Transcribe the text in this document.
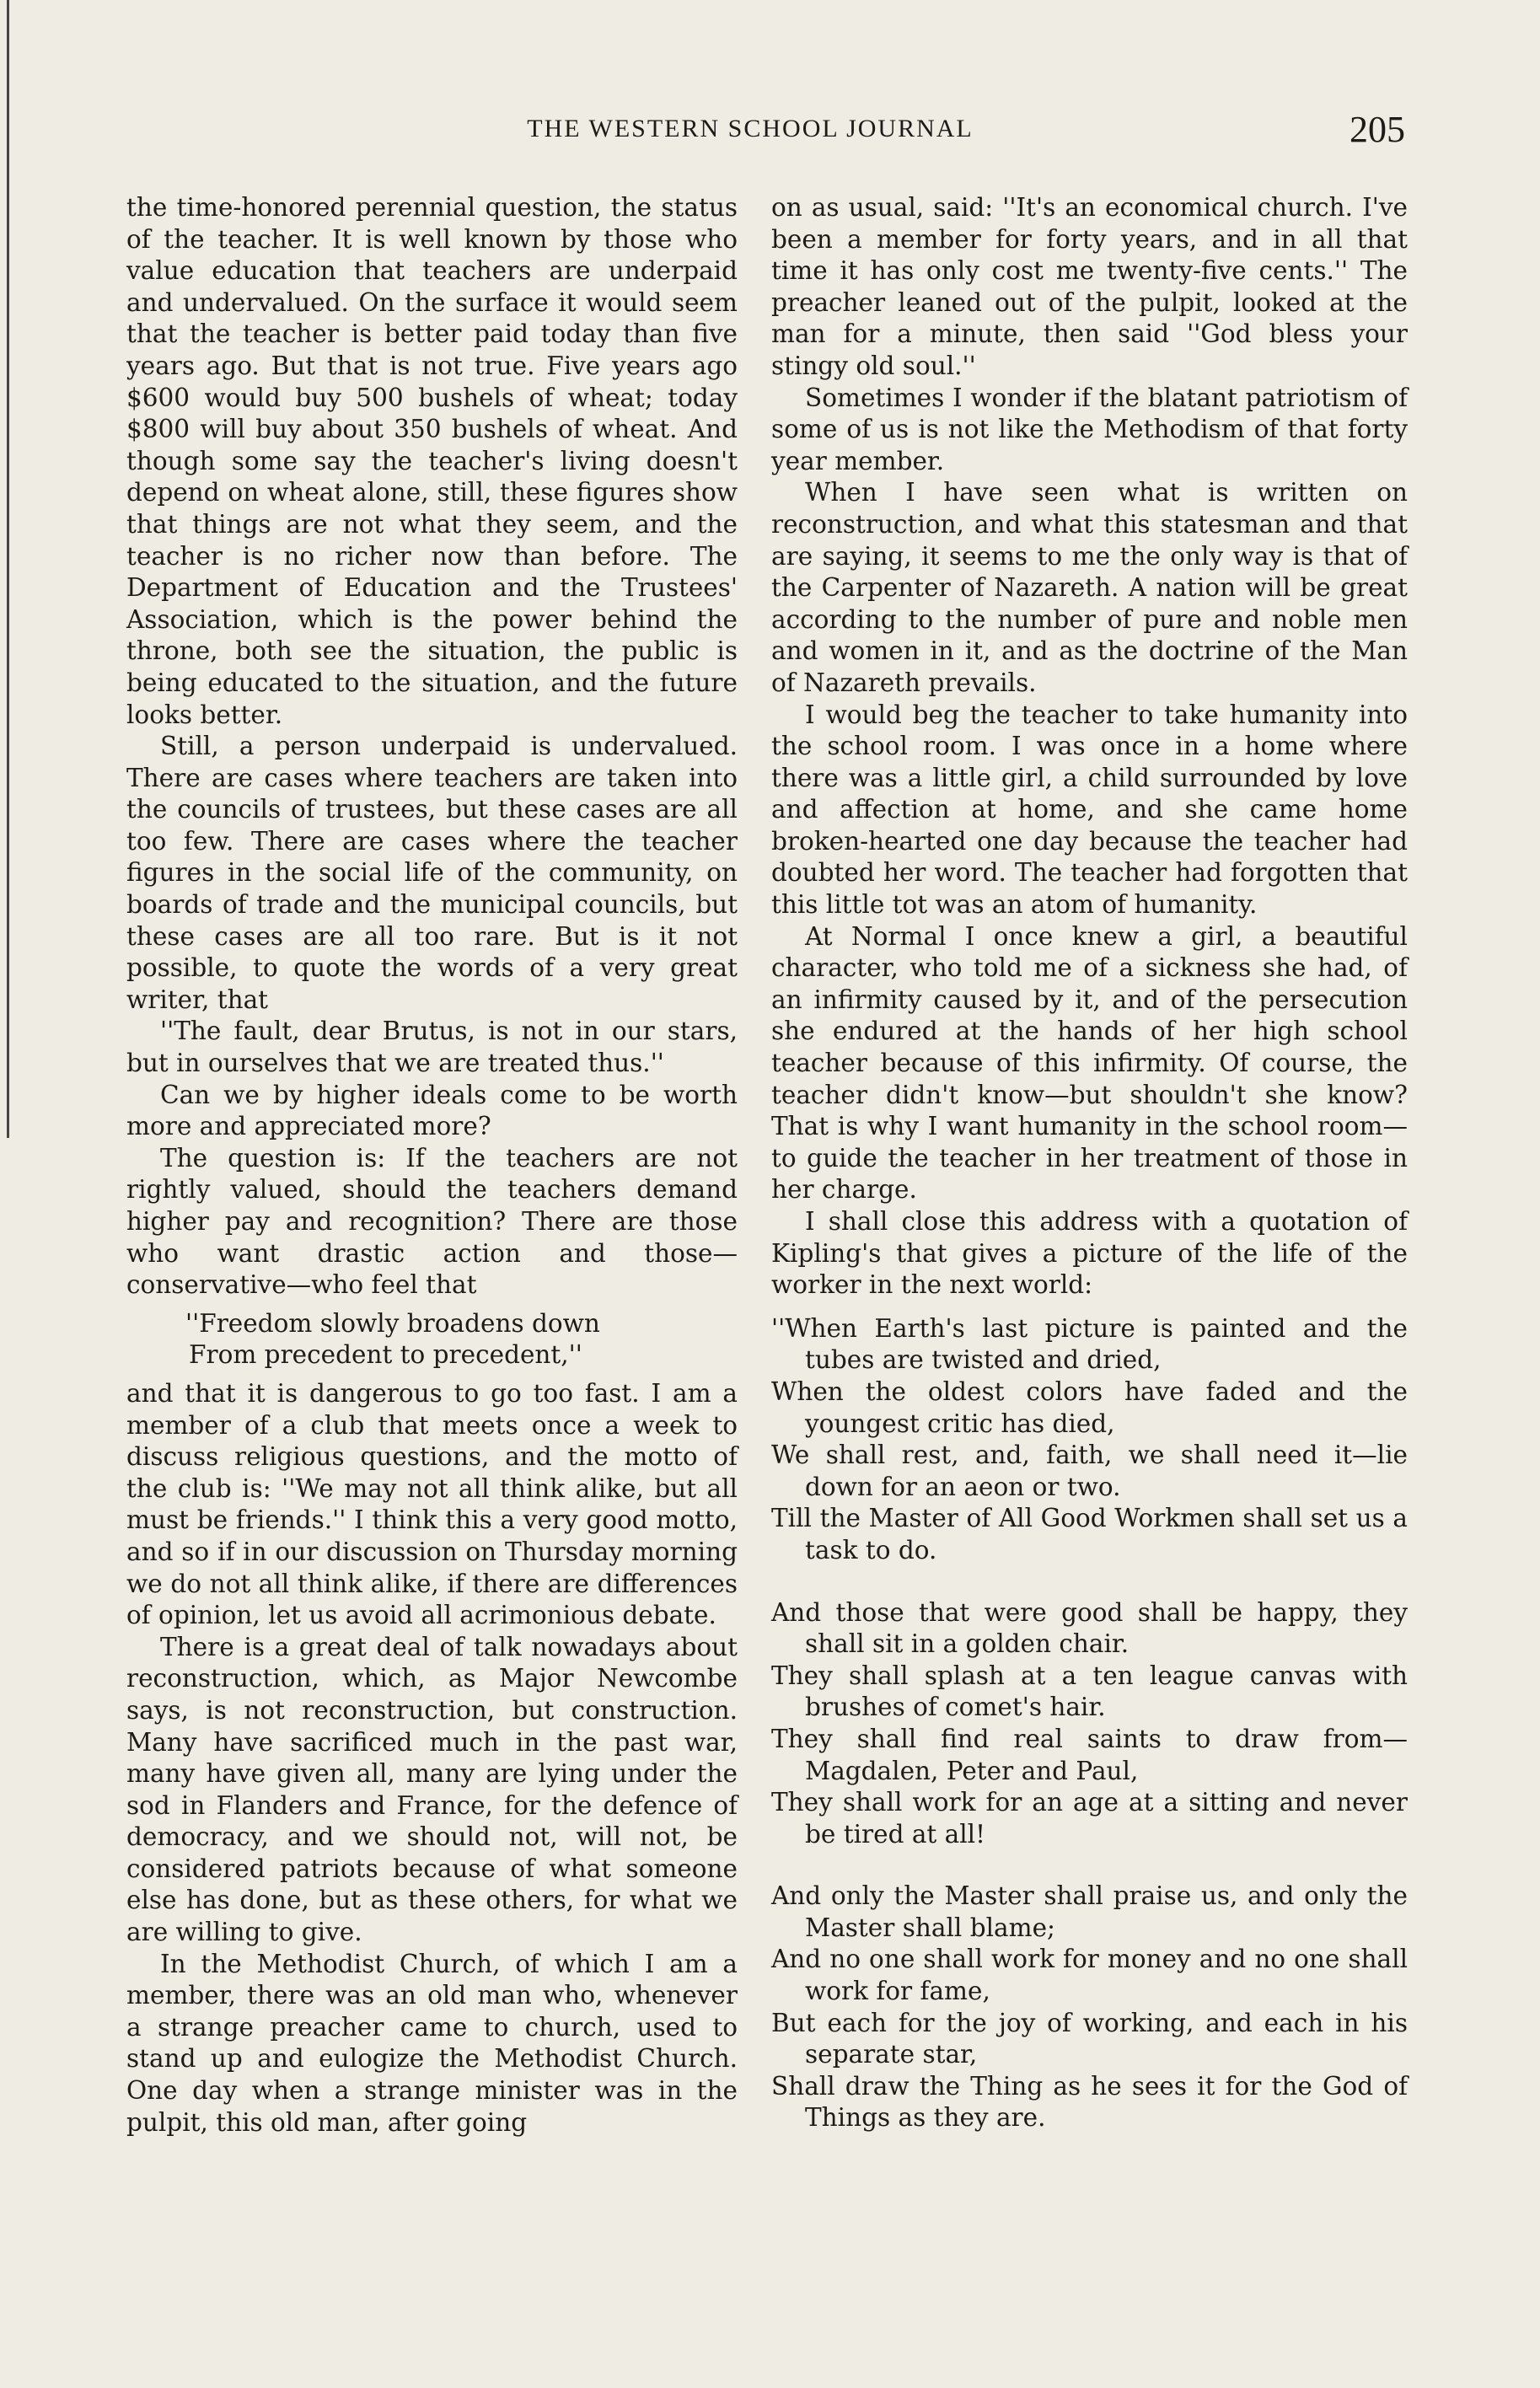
THE WESTERN SCHOOL JOURNAL	205

the time-honored perennial question, the status of the teacher. It is well known by those who value education that teachers are underpaid and undervalued. On the surface it would seem that the teacher is better paid today than five years ago. But that is not true. Five years ago $600 would buy 500 bushels of wheat; today $800 will buy about 350 bushels of wheat. And though some say the teacher's living doesn't depend on wheat alone, still, these figures show that things are not what they seem, and the teacher is no richer now than before. The Department of Education and the Trustees' Association, which is the power behind the throne, both see the situation, the public is being educated to the situation, and the future looks better.

Still, a person underpaid is undervalued. There are cases where teachers are taken into the councils of trustees, but these cases are all too few. There are cases where the teacher figures in the social life of the community, on boards of trade and the municipal councils, but these cases are all too rare. But is it not possible, to quote the words of a very great writer, that

''The fault, dear Brutus, is not in our stars, but in ourselves that we are treated thus.''

Can we by higher ideals come to be worth more and appreciated more?

The question is: If the teachers are not rightly valued, should the teachers demand higher pay and recognition? There are those who want drastic action and those—conservative—who feel that

''Freedom slowly broadens down
From precedent to precedent,''

and that it is dangerous to go too fast. I am a member of a club that meets once a week to discuss religious questions, and the motto of the club is: ''We may not all think alike, but all must be friends.'' I think this a very good motto, and so if in our discussion on Thursday morning we do not all think alike, if there are differences of opinion, let us avoid all acrimonious debate.

There is a great deal of talk nowadays about reconstruction, which, as Major Newcombe says, is not reconstruction, but construction. Many have sacrificed much in the past war, many have given all, many are lying under the sod in Flanders and France, for the defence of democracy, and we should not, will not, be considered patriots because of what someone else has done, but as these others, for what we are willing to give.

In the Methodist Church, of which I am a member, there was an old man who, whenever a strange preacher came to church, used to stand up and eulogize the Methodist Church. One day when a strange minister was in the pulpit, this old man, after going

on as usual, said: ''It's an economical church. I've been a member for forty years, and in all that time it has only cost me twenty-five cents.'' The preacher leaned out of the pulpit, looked at the man for a minute, then said ''God bless your stingy old soul.''

Sometimes I wonder if the blatant patriotism of some of us is not like the Methodism of that forty year member.

When I have seen what is written on reconstruction, and what this statesman and that are saying, it seems to me the only way is that of the Carpenter of Nazareth. A nation will be great according to the number of pure and noble men and women in it, and as the doctrine of the Man of Nazareth prevails.

I would beg the teacher to take humanity into the school room. I was once in a home where there was a little girl, a child surrounded by love and affection at home, and she came home broken-hearted one day because the teacher had doubted her word. The teacher had forgotten that this little tot was an atom of humanity.

At Normal I once knew a girl, a beautiful character, who told me of a sickness she had, of an infirmity caused by it, and of the persecution she endured at the hands of her high school teacher because of this infirmity. Of course, the teacher didn't know—but shouldn't she know? That is why I want humanity in the school room—to guide the teacher in her treatment of those in her charge.

I shall close this address with a quotation of Kipling's that gives a picture of the life of the worker in the next world:

''When Earth's last picture is painted and the tubes are twisted and dried,
When the oldest colors have faded and the youngest critic has died,
We shall rest, and, faith, we shall need it—lie down for an aeon or two.
Till the Master of All Good Workmen shall set us a task to do.
And those that were good shall be happy, they shall sit in a golden chair.
They shall splash at a ten league canvas with brushes of comet's hair.
They shall find real saints to draw from—Magdalen, Peter and Paul,
They shall work for an age at a sitting and never be tired at all!
And only the Master shall praise us, and only the Master shall blame;
And no one shall work for money and no one shall work for fame,
But each for the joy of working, and each in his separate star,
Shall draw the Thing as he sees it for the God of Things as they are.
